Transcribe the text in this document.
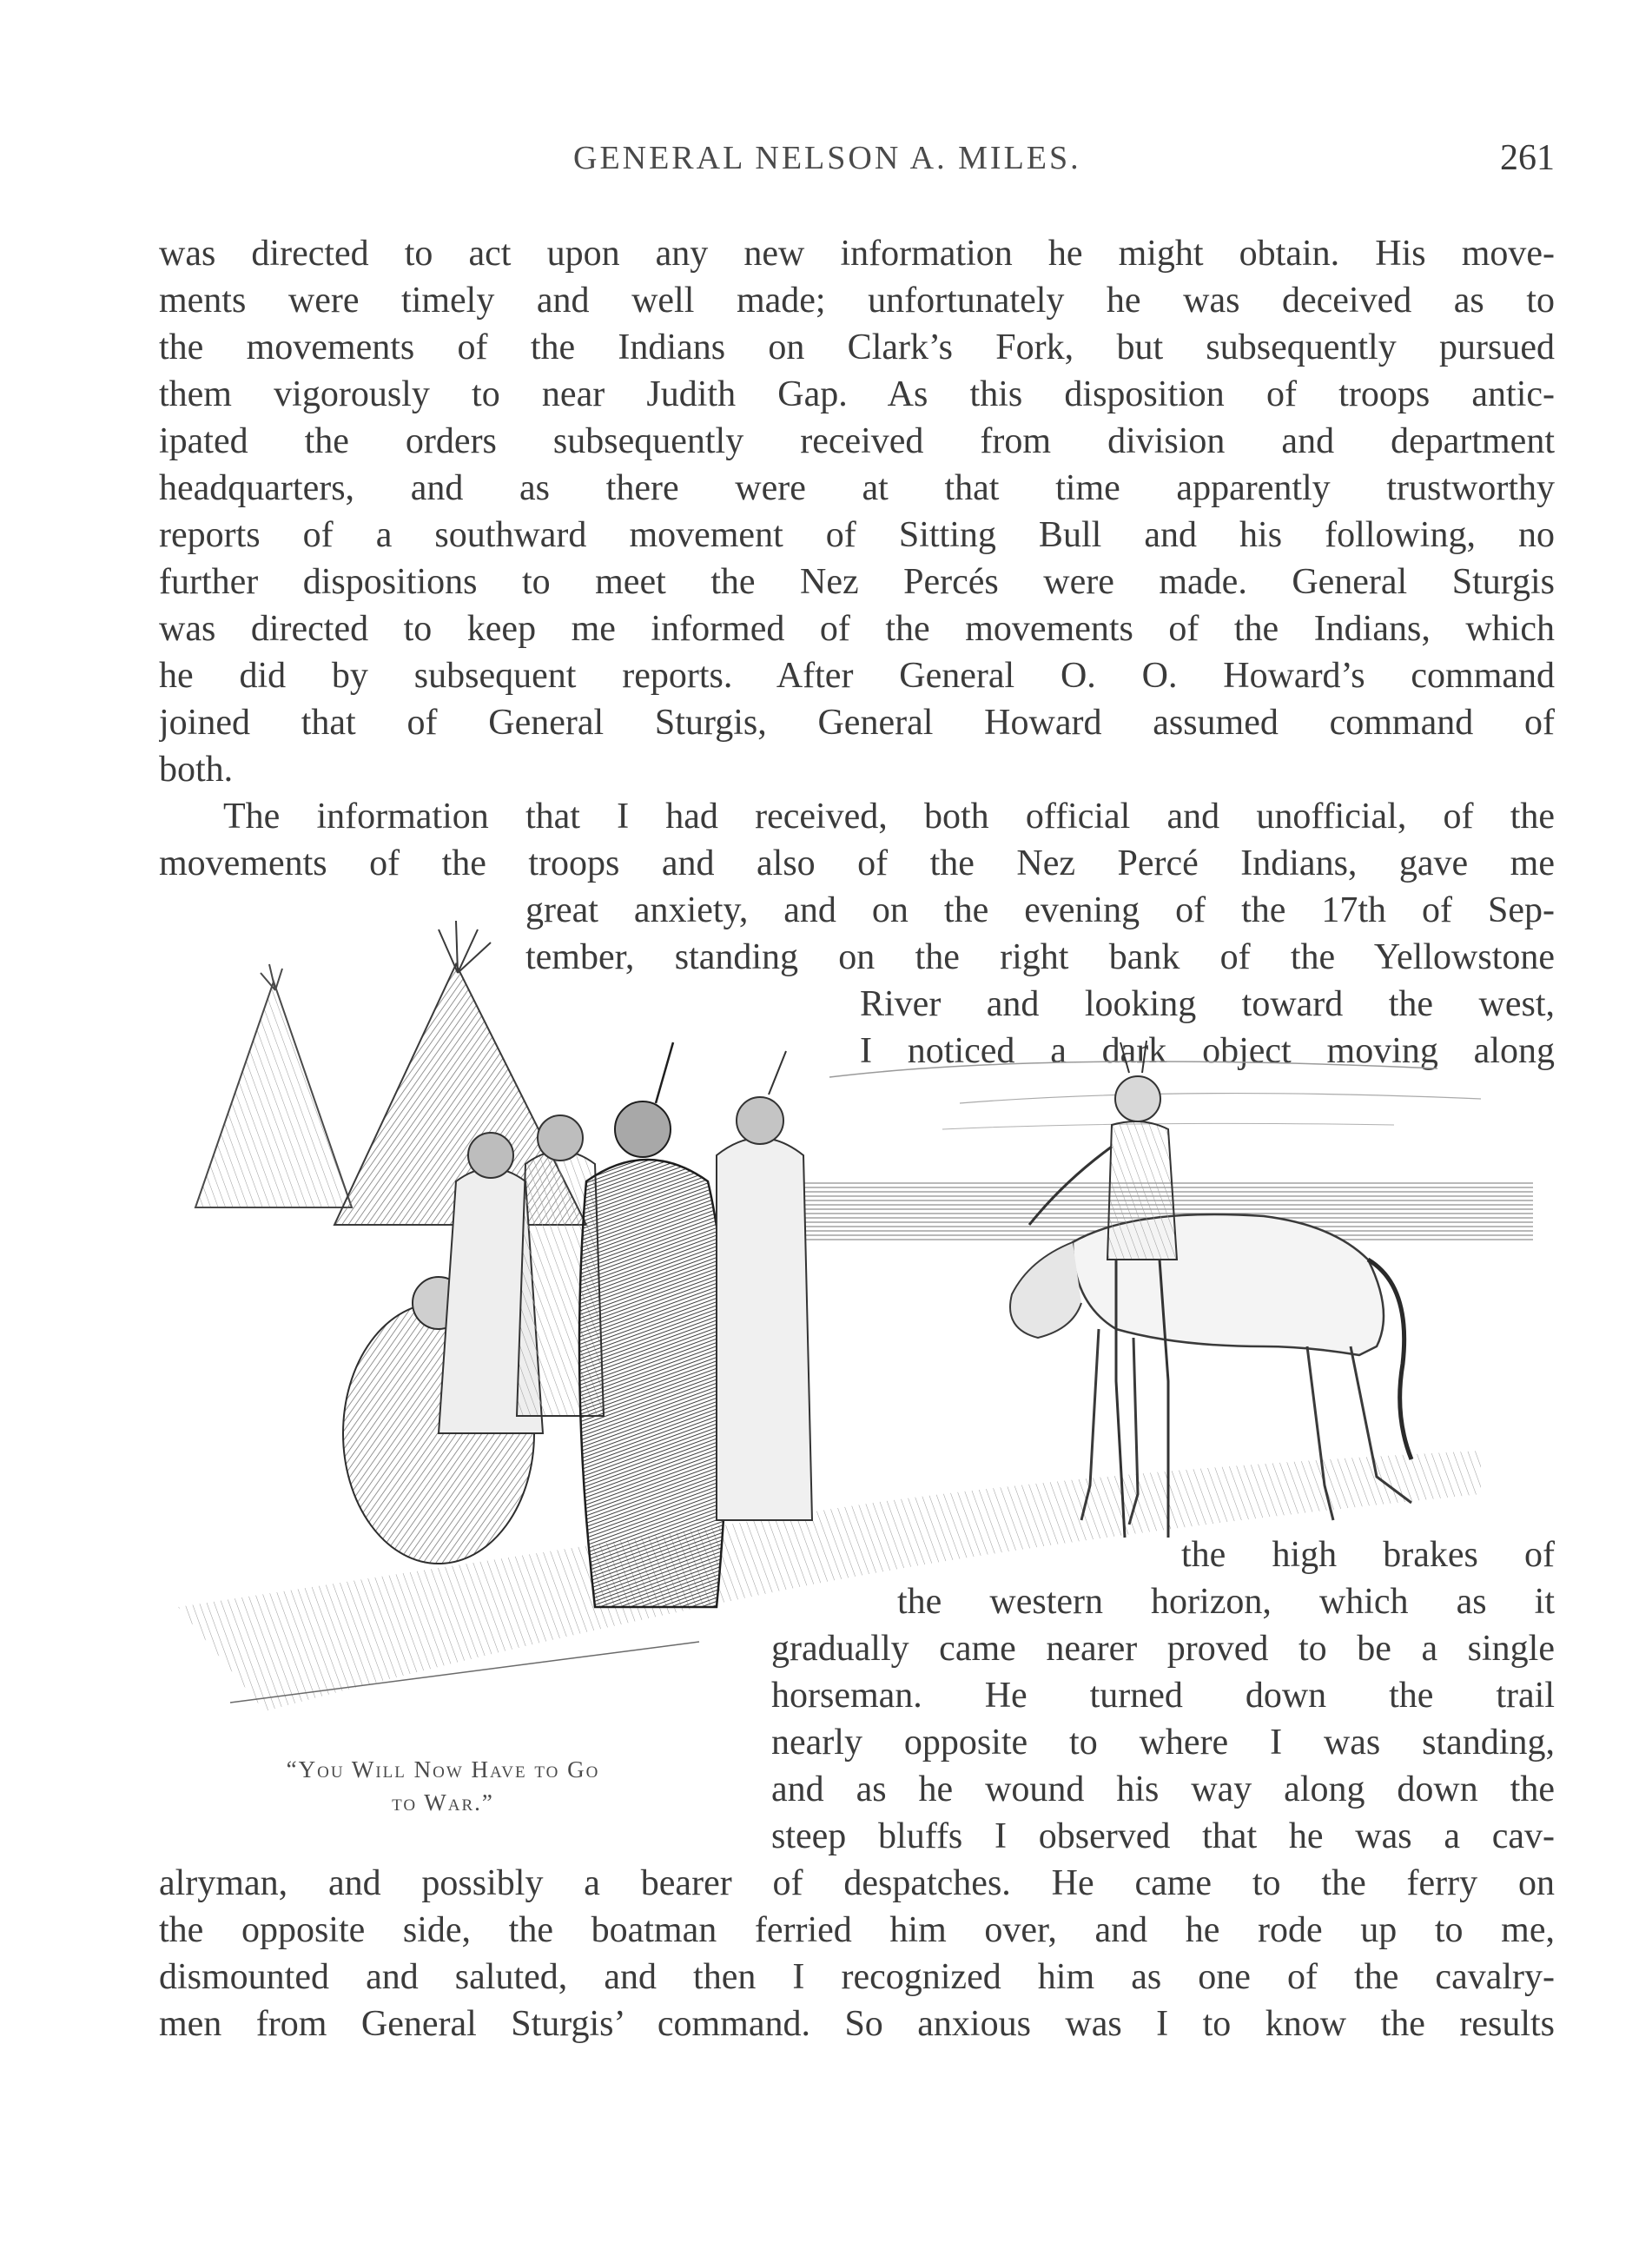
GENERAL NELSON A. MILES.	261
was directed to act upon any new information he might obtain. His move-
ments were timely and well made; unfortunately he was deceived as to
the movements of the Indians on Clark’s Fork, but subsequently pursued
them vigorously to near Judith Gap. As this disposition of troops antic-
ipated the orders subsequently received from division and department
headquarters, and as there were at that time apparently trustworthy
reports of a southward movement of Sitting Bull and his following, no
further dispositions to meet the Nez Percés were made. General Sturgis
was directed to keep me informed of the movements of the Indians, which
he did by subsequent reports. After General O. O. Howard’s command
joined that of General Sturgis, General Howard assumed command of
both.
The information that I had received, both official and unofficial, of the
movements of the troops and also of the Nez Percé Indians, gave me
great anxiety, and on the evening of the 17th of Sep-
tember, standing on the right bank of the Yellowstone
River and looking toward the west,
I noticed a dark object moving along
the high brakes of
the western horizon, which as it
gradually came nearer proved to be a single
horseman. He turned down the trail
nearly opposite to where I was standing,
and as he wound his way along down the
steep bluffs I observed that he was a cav-
alryman, and possibly a bearer of despatches. He came to the ferry on
the opposite side, the boatman ferried him over, and he rode up to me,
dismounted and saluted, and then I recognized him as one of the cavalry-
men from General Sturgis’ command. So anxious was I to know the results
“You Will Now Have to Go
to War.”
